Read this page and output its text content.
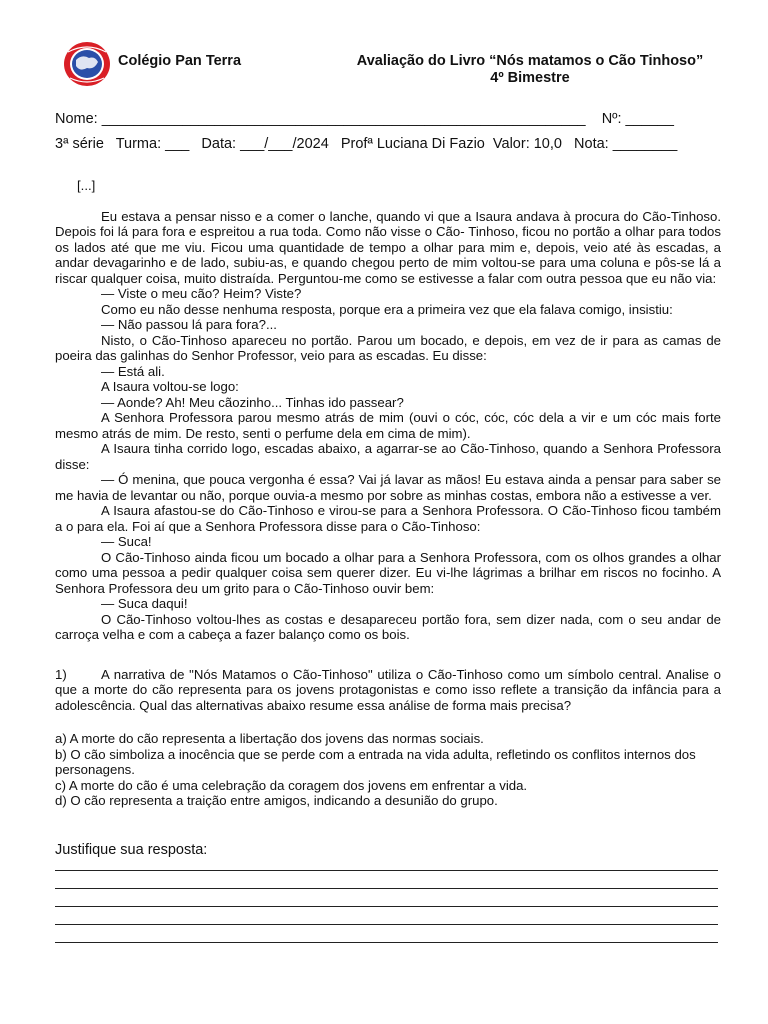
Colégio Pan Terra	Avaliação do Livro “Nós matamos o Cão Tinhoso”
4º Bimestre
Nome: ____________________________________________________________    Nº: ______
3ª série   Turma: ___   Data: ___/___/2024   Profª Luciana Di Fazio  Valor: 10,0   Nota: ________

[...]

Eu estava a pensar nisso e a comer o lanche, quando vi que a Isaura andava à procura do Cão-Tinhoso. Depois foi lá para fora e espreitou a rua toda. Como não visse o Cão- Tinhoso, ficou no portão a olhar para todos os lados até que me viu. Ficou uma quantidade de tempo a olhar para mim e, depois, veio até às escadas, a andar devagarinho e de lado, subiu-as, e quando chegou perto de mim voltou-se para uma coluna e pôs-se lá a riscar qualquer coisa, muito distraída. Perguntou-me como se estivesse a falar com outra pessoa que eu não via:

— Viste o meu cão? Heim? Viste?

Como eu não desse nenhuma resposta, porque era a primeira vez que ela falava comigo, insistiu:

— Não passou lá para fora?...

Nisto, o Cão-Tinhoso apareceu no portão. Parou um bocado, e depois, em vez de ir para as camas de poeira das galinhas do Senhor Professor, veio para as escadas. Eu disse:

— Está ali.

A Isaura voltou-se logo:

— Aonde? Ah! Meu cãozinho... Tinhas ido passear?

A Senhora Professora parou mesmo atrás de mim (ouvi o cóc, cóc, cóc dela a vir e um cóc mais forte mesmo atrás de mim. De resto, senti o perfume dela em cima de mim).

A Isaura tinha corrido logo, escadas abaixo, a agarrar-se ao Cão-Tinhoso, quando a Senhora Professora disse:

— Ó menina, que pouca vergonha é essa? Vai já lavar as mãos! Eu estava ainda a pensar para saber se me havia de levantar ou não, porque ouvia-a mesmo por sobre as minhas costas, embora não a estivesse a ver.

A Isaura afastou-se do Cão-Tinhoso e virou-se para a Senhora Professora. O Cão-Tinhoso ficou também a o para ela. Foi aí que a Senhora Professora disse para o Cão-Tinhoso:

— Suca!

O Cão-Tinhoso ainda ficou um bocado a olhar para a Senhora Professora, com os olhos grandes a olhar como uma pessoa a pedir qualquer coisa sem querer dizer. Eu vi-lhe lágrimas a brilhar em riscos no focinho. A Senhora Professora deu um grito para o Cão-Tinhoso ouvir bem:

— Suca daqui!

O Cão-Tinhoso voltou-lhes as costas e desapareceu portão fora, sem dizer nada, com o seu andar de carroça velha e com a cabeça a fazer balanço como os bois.

1)	A narrativa de "Nós Matamos o Cão-Tinhoso" utiliza o Cão-Tinhoso como um símbolo central. Analise o que a morte do cão representa para os jovens protagonistas e como isso reflete a transição da infância para a adolescência. Qual das alternativas abaixo resume essa análise de forma mais precisa?

a) A morte do cão representa a libertação dos jovens das normas sociais.

b) O cão simboliza a inocência que se perde com a entrada na vida adulta, refletindo os conflitos internos dos personagens.

c) A morte do cão é uma celebração da coragem dos jovens em enfrentar a vida.

d) O cão representa a traição entre amigos, indicando a desunião do grupo.

Justifique sua resposta:
